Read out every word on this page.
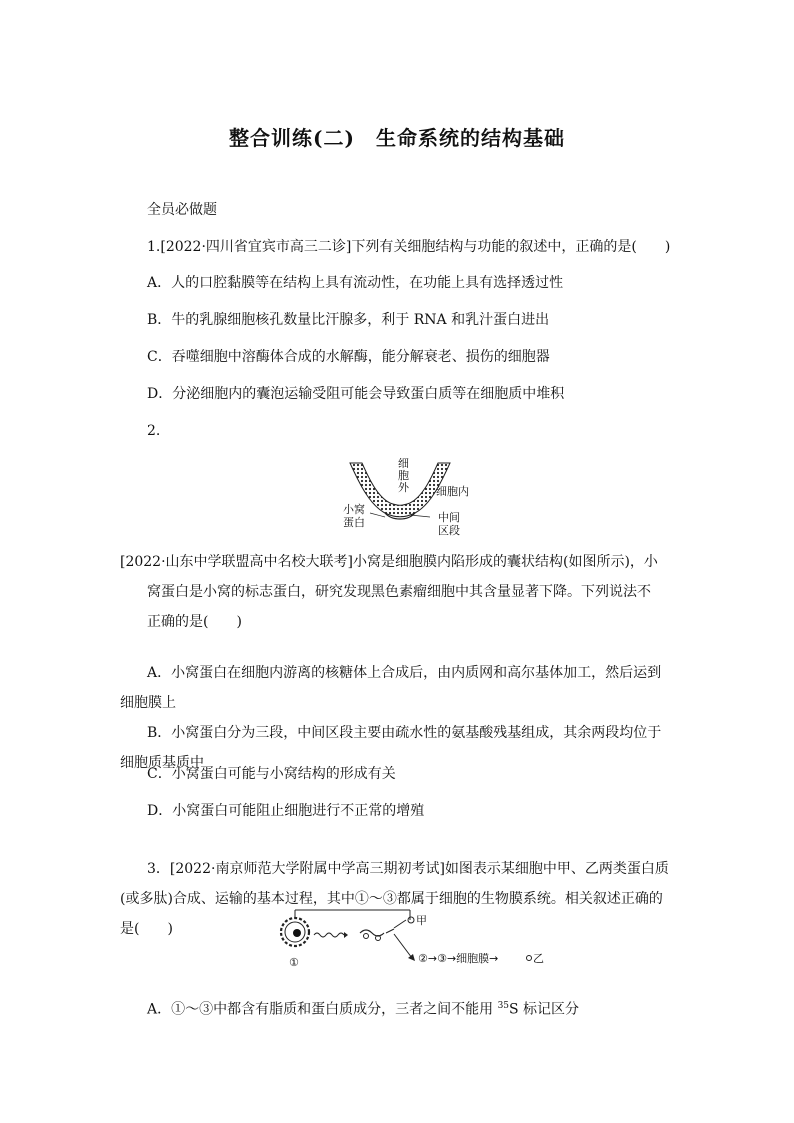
整合训练(二)　生命系统的结构基础
全员必做题
1.[2022·四川省宜宾市高三二诊]下列有关细胞结构与功能的叙述中，正确的是(　　)
A．人的口腔黏膜等在结构上具有流动性，在功能上具有选择透过性
B．牛的乳腺细胞核孔数量比汗腺多，利于 RNA 和乳汁蛋白进出
C．吞噬细胞中溶酶体合成的水解酶，能分解衰老、损伤的细胞器
D．分泌细胞内的囊泡运输受阻可能会导致蛋白质等在细胞质中堆积
2.
细
胞
外 细胞内
小窝
蛋白	中间
区段
[2022·山东中学联盟高中名校大联考]小窝是细胞膜内陷形成的囊状结构(如图所示)，小窝蛋白是小窝的标志蛋白，研究发现黑色素瘤细胞中其含量显著下降。下列说法不正确的是(　　)
A．小窝蛋白在细胞内游离的核糖体上合成后，由内质网和高尔基体加工，然后运到细胞膜上
B．小窝蛋白分为三段，中间区段主要由疏水性的氨基酸残基组成，其余两段均位于细胞质基质中
C．小窝蛋白可能与小窝结构的形成有关
D．小窝蛋白可能阻止细胞进行不正常的增殖
3．[2022·南京师范大学附属中学高三期初考试]如图表示某细胞中甲、乙两类蛋白质(或多肽)合成、运输的基本过程，其中①～③都属于细胞的生物膜系统。相关叙述正确的是(　　)
甲
①	②→③→细胞膜→	乙
A．①～③中都含有脂质和蛋白质成分，三者之间不能用 $^{35}$S 标记区分
